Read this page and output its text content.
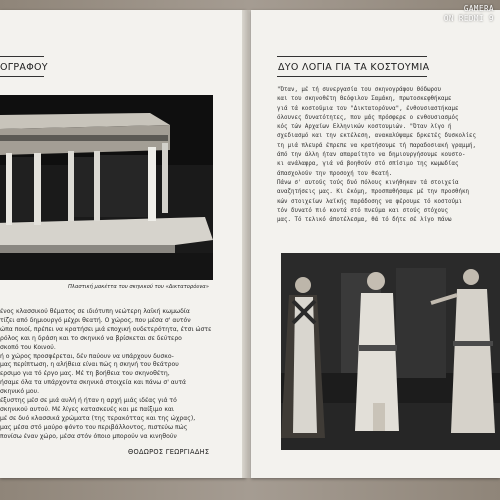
ΟΓΡΑΦΟΥ
Πλαστική μακέττα του σκηνικού του «Δικτατορόυνα»
ένος κλασσικού θέματος σε ιδιότυπη νεώτερη λαϊκή κωμωδία
τίζει από δημιουργό μέχρι θεατή. Ο χώρος, που μέσα σ' αυτόν
ώπα ποιοί, πρέπει να κρατήσει μιά εποχική ουδετερότητα, έτσι ώστε
ρόλος και η δράση και το σκηνικό να βρίσκεται σε δεύτερο
σκοπό του Κοινού.
ή ο χώρος προσφέρεται, δέν παύουν να υπάρχουν δυσκο-
μας περίπτωση, η αλήθεια είναι πώς η σκηνή του θεάτρου
ερσιμο για τό έργο μας. Μέ τη βοήθεια του σκηνοθέτη,
ήσαμε όλα τα υπάρχοντα σκηνικά στοιχεία και πάνω σ' αυτά
σκηνικό μου.
έξυστης μέσ σε μιά αυλή ή ήταν η αρχή μιάς ιδέας γιά τό
σκηνικού αυτού. Μέ λίγες κατασκευές και με παίξιμο και
μέ σε δυό κλασσικά χρώματα (της τερακόττας και της ώχρας),
μας μέσα στό μαύρο φόντο του περιβάλλοντος, πιστεύω πώς
πονίσω έναν χώρο, μέσα στόν όποιο μπορούν να κινηθούν
ΘΟΔΩΡΟΣ ΓΕΩΡΓΙΑΔΗΣ
ΔΥΟ ΛΟΓΙΑ ΓΙΑ ΤΑ ΚΟΣΤΟΥΜΙΑ
"Όταν, μέ τή συνεργασία του σκηνογράφου Θόδωρου
και του σκηνοθέτη Θεόφιλου Σαμάκη, πρωτοσκεφθήκαμε
γιά τά κοστούμια του "Δικτατορόυνα", ένθουσιαστήκαμε
όλουνες δυνατότητες, που μάς πρόσφερε ο ενθουσιασμός
κός τών Αρχαίων Ελληνικών κοστουμιών. "Όταν λίγο ή
σχεδιασμό και την εκτέλεση, ανακαλύψαμε δρκετές δυσκολίες
τη μιά πλευρά έπρεπε να κρατήσουμε τή παραδοσιακή γραμμή,
άπό την άλλη ήταν απαραίτητο να δημιουργήσουμε κουστο-
κι ανάλαφρα, γιά νά βοηθούν στό σπίσιμο της κωμωδίας
άπασχολούν την προσοχή του θεατή.
Πάνω σ' αυτούς τούς δυό πόλους κινήθηκαν τά στοιχεία
αναζητήσεις μας. Κι έκόμη, προσπαθήσαμε μέ την προσθήκη
κών στοιχείων λαϊκής παράδοσης να φέρουμε τό κοστούμι
τόν δυνατό πιό κοντά στό πνεύμα και στούς στόχους
μας. Τό τελικό άποτέλεσμα, θά τό δήτε σέ λίγο πάνω
GAMERA
ON REDMI 9
